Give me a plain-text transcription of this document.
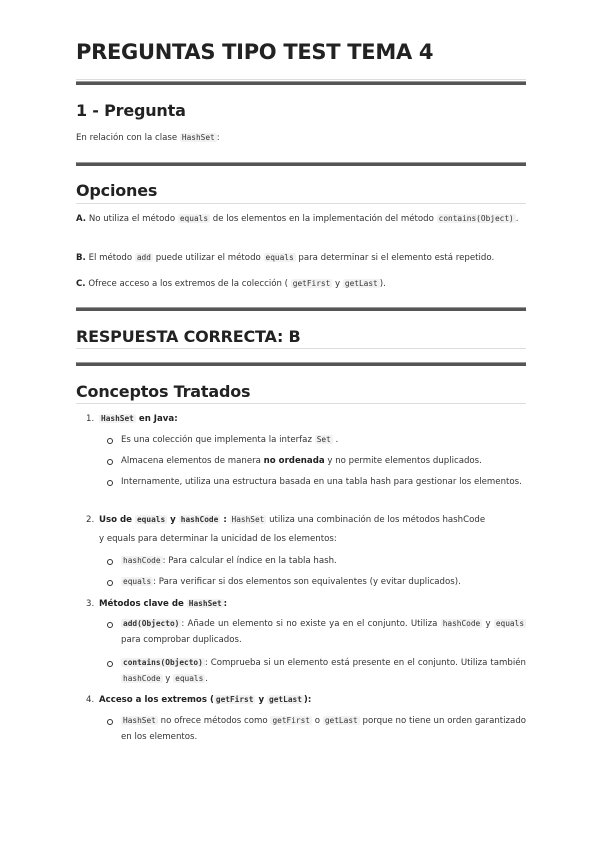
PREGUNTAS TIPO TEST TEMA 4
1 - Pregunta
En relación con la clase HashSet :
Opciones
A. No utiliza el método equals de los elementos en la implementación del método contains(Object) .
B. El método add puede utilizar el método equals para determinar si el elemento está repetido.
C. Ofrece acceso a los extremos de la colección ( getFirst y getLast ).
RESPUESTA CORRECTA: B
Conceptos Tratados
1. HashSet en Java:
Es una colección que implementa la interfaz Set .
Almacena elementos de manera no ordenada y no permite elementos duplicados.
Internamente, utiliza una estructura basada en una tabla hash para gestionar los elementos.
2. Uso de equals y hashCode : HashSet utiliza una combinación de los métodos hashCode
y equals para determinar la unicidad de los elementos:
hashCode : Para calcular el índice en la tabla hash.
equals : Para verificar si dos elementos son equivalentes (y evitar duplicados).
3. Métodos clave de HashSet :
add(Objecto) : Añade un elemento si no existe ya en el conjunto. Utiliza hashCode y equals para comprobar duplicados.
contains(Objecto) : Comprueba si un elemento está presente en el conjunto. Utiliza también hashCode y equals .
4. Acceso a los extremos ( getFirst y getLast ):
HashSet no ofrece métodos como getFirst o getLast porque no tiene un orden garantizado en los elementos.
